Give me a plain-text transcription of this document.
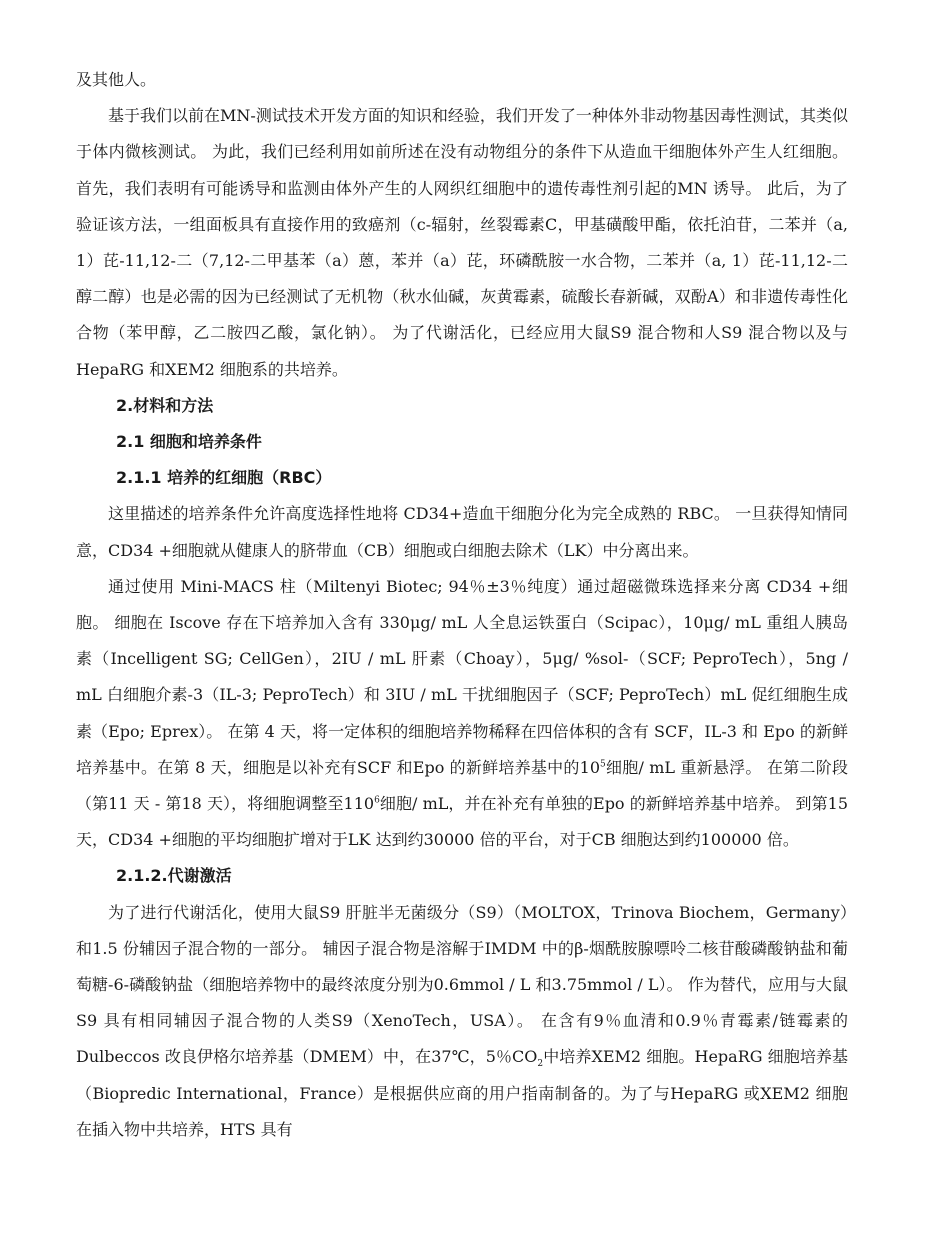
及其他人。

基于我们以前在MN-测试技术开发方面的知识和经验，我们开发了一种体外非动物基因毒性测试，其类似于体内微核测试。 为此，我们已经利用如前所述在没有动物组分的条件下从造血干细胞体外产生人红细胞。 首先，我们表明有可能诱导和监测由体外产生的人网织红细胞中的遗传毒性剂引起的MN 诱导。 此后，为了验证该方法，一组面板具有直接作用的致癌剂（c-辐射，丝裂霉素C，甲基磺酸甲酯，依托泊苷，二苯并（a, 1）芘-11,12-二（7,12-二甲基苯（a）蒽，苯并（a）芘，环磷酰胺一水合物，二苯并（a, 1）芘-11,12-二醇二醇）也是必需的因为已经测试了无机物（秋水仙碱，灰黄霉素，硫酸长春新碱，双酚A）和非遗传毒性化合物（苯甲醇，乙二胺四乙酸，氯化钠）。 为了代谢活化，已经应用大鼠S9 混合物和人S9 混合物以及与HepaRG 和XEM2 细胞系的共培养。

2.材料和方法
2.1 细胞和培养条件
2.1.1 培养的红细胞（RBC）

这里描述的培养条件允许高度选择性地将 CD34+造血干细胞分化为完全成熟的 RBC。 一旦获得知情同意，CD34 +细胞就从健康人的脐带血（CB）细胞或白细胞去除术（LK）中分离出来。

通过使用 Mini-MACS 柱（Miltenyi Biotec; 94％±3％纯度）通过超磁微珠选择来分离 CD34 +细胞。 细胞在 Iscove 存在下培养加入含有 330μg/ mL 人全息运铁蛋白（Scipac），10μg/ mL 重组人胰岛素（Incelligent SG; CellGen），2IU / mL 肝素（Choay），5μg/ %sol-（SCF; PeproTech），5ng / mL 白细胞介素-3（IL-3; PeproTech）和 3IU / mL 干扰细胞因子（SCF; PeproTech）mL 促红细胞生成素（Epo; Eprex）。 在第 4 天，将一定体积的细胞培养物稀释在四倍体积的含有 SCF，IL-3 和 Epo 的新鲜培养基中。在第 8 天，细胞是以补充有SCF 和Epo 的新鲜培养基中的$10^5$细胞/ mL 重新悬浮。 在第二阶段（第11 天 - 第18 天），将细胞调整至$110^6$细胞/ mL，并在补充有单独的Epo 的新鲜培养基中培养。 到第15 天，CD34 +细胞的平均细胞扩增对于LK 达到约30000 倍的平台，对于CB 细胞达到约100000 倍。

2.1.2.代谢激活

为了进行代谢活化，使用大鼠S9 肝脏半无菌级分（S9）（MOLTOX，Trinova Biochem，Germany）和1.5 份辅因子混合物的一部分。 辅因子混合物是溶解于IMDM 中的β-烟酰胺腺嘌呤二核苷酸磷酸钠盐和葡萄糖-6-磷酸钠盐（细胞培养物中的最终浓度分别为0.6mmol / L 和3.75mmol / L）。 作为替代，应用与大鼠S9 具有相同辅因子混合物的人类S9（XenoTech，USA）。 在含有9％血清和0.9％青霉素/链霉素的Dulbeccos 改良伊格尔培养基（DMEM）中，在37℃，5％$CO_2$中培养XEM2 细胞。HepaRG 细胞培养基（Biopredic International，France）是根据供应商的用户指南制备的。为了与HepaRG 或XEM2 细胞在插入物中共培养，HTS 具有
